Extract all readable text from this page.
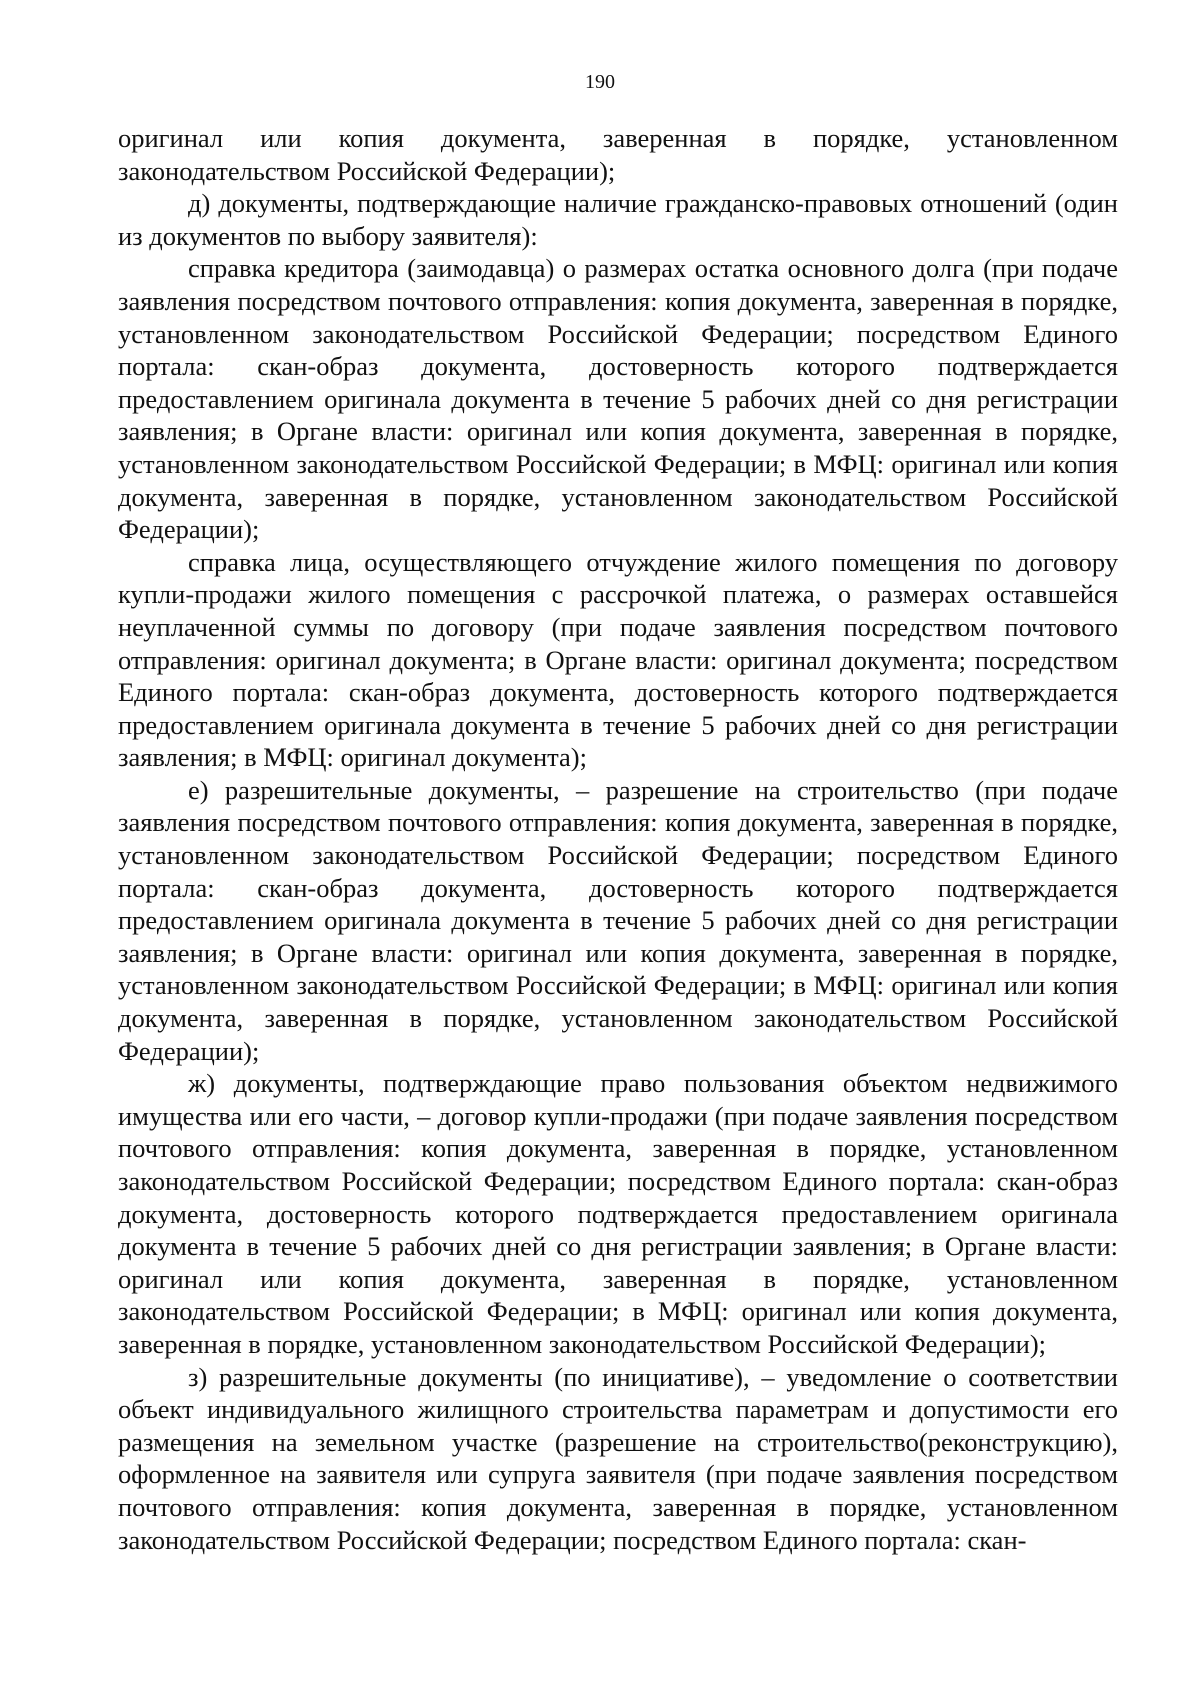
190

оригинал или копия документа, заверенная в порядке, установленном законодательством Российской Федерации);

д) документы, подтверждающие наличие гражданско-правовых отношений (один из документов по выбору заявителя):

справка кредитора (заимодавца) о размерах остатка основного долга (при подаче заявления посредством почтового отправления: копия документа, заверенная в порядке, установленном законодательством Российской Федерации; посредством Единого портала: скан-образ документа, достоверность которого подтверждается предоставлением оригинала документа в течение 5 рабочих дней со дня регистрации заявления; в Органе власти: оригинал или копия документа, заверенная в порядке, установленном законодательством Российской Федерации; в МФЦ: оригинал или копия документа, заверенная в порядке, установленном законодательством Российской Федерации);

справка лица, осуществляющего отчуждение жилого помещения по договору купли-продажи жилого помещения с рассрочкой платежа, о размерах оставшейся неуплаченной суммы по договору (при подаче заявления посредством почтового отправления: оригинал документа; в Органе власти: оригинал документа; посредством Единого портала: скан-образ документа, достоверность которого подтверждается предоставлением оригинала документа в течение 5 рабочих дней со дня регистрации заявления; в МФЦ: оригинал документа);

е) разрешительные документы, – разрешение на строительство (при подаче заявления посредством почтового отправления: копия документа, заверенная в порядке, установленном законодательством Российской Федерации; посредством Единого портала: скан-образ документа, достоверность которого подтверждается предоставлением оригинала документа в течение 5 рабочих дней со дня регистрации заявления; в Органе власти: оригинал или копия документа, заверенная в порядке, установленном законодательством Российской Федерации; в МФЦ: оригинал или копия документа, заверенная в порядке, установленном законодательством Российской Федерации);

ж) документы, подтверждающие право пользования объектом недвижимого имущества или его части, – договор купли-продажи (при подаче заявления посредством почтового отправления: копия документа, заверенная в порядке, установленном законодательством Российской Федерации; посредством Единого портала: скан-образ документа, достоверность которого подтверждается предоставлением оригинала документа в течение 5 рабочих дней со дня регистрации заявления; в Органе власти: оригинал или копия документа, заверенная в порядке, установленном законодательством Российской Федерации; в МФЦ: оригинал или копия документа, заверенная в порядке, установленном законодательством Российской Федерации);

з) разрешительные документы (по инициативе), – уведомление о соответствии объект индивидуального жилищного строительства параметрам и допустимости его размещения на земельном участке (разрешение на строительство(реконструкцию), оформленное на заявителя или супруга заявителя (при подаче заявления посредством почтового отправления: копия документа, заверенная в порядке, установленном законодательством Российской Федерации; посредством Единого портала: скан-
